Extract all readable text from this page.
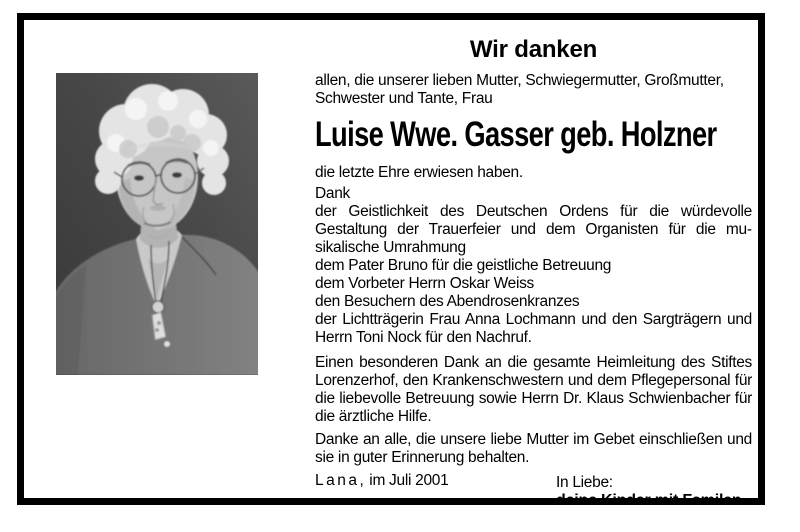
Wir danken

allen, die unserer lieben Mutter, Schwiegermutter, Großmutter, Schwester und Tante, Frau

Luise Wwe. Gasser geb. Holzner

die letzte Ehre erwiesen haben.

Dank

der Geistlichkeit des Deutschen Ordens für die würdevolle Gestaltung der Trauerfeier und dem Organisten für die musikalische Umrahmung

dem Pater Bruno für die geistliche Betreuung

dem Vorbeter Herrn Oskar Weiss

den Besuchern des Abendrosenkranzes

der Lichtträgerin Frau Anna Lochmann und den Sargträgern und Herrn Toni Nock für den Nachruf.

Einen besonderen Dank an die gesamte Heimleitung des Stiftes Lorenzerhof, den Krankenschwestern und dem Pflegepersonal für die liebevolle Betreuung sowie Herrn Dr. Klaus Schwienbacher für die ärztliche Hilfe.

Danke an alle, die unsere liebe Mutter im Gebet einschließen und sie in guter Erinnerung behalten.

Lana, im Juli 2001	In Liebe:
deine Kinder mit Familen
